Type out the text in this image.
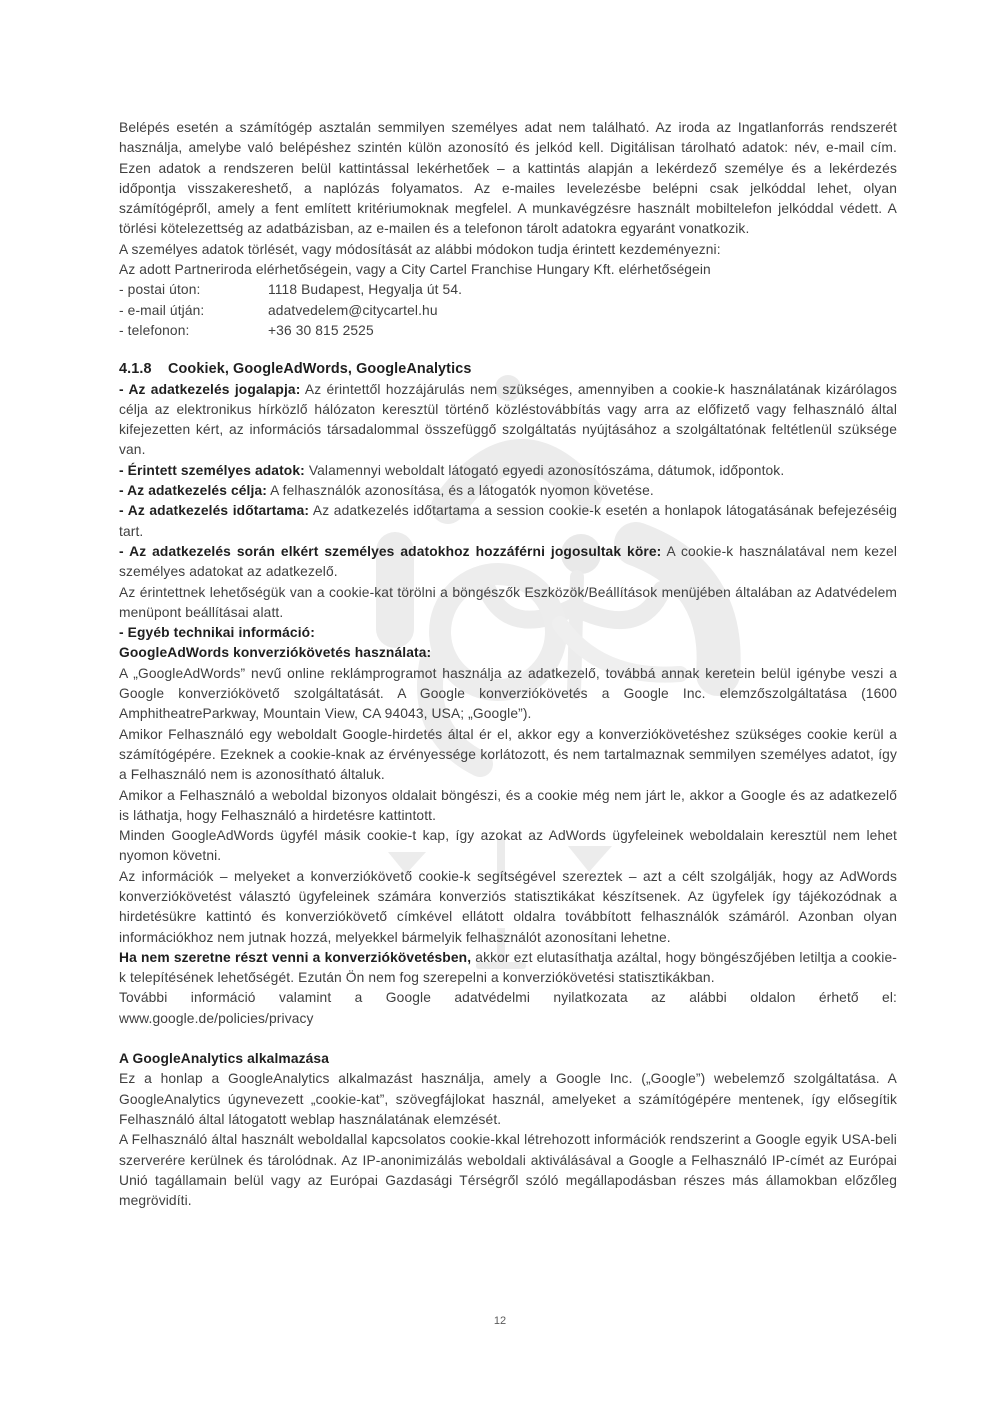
Belépés esetén a számítógép asztalán semmilyen személyes adat nem található. Az iroda az Ingatlanforrás rendszerét használja, amelybe való belépéshez szintén külön azonosító és jelkód kell. Digitálisan tárolható adatok: név, e-mail cím. Ezen adatok a rendszeren belül kattintással lekérhetőek – a kattintás alapján a lekérdező személye és a lekérdezés időpontja visszakereshető, a naplózás folyamatos. Az e-mailes levelezésbe belépni csak jelkóddal lehet, olyan számítógépről, amely a fent említett kritériumoknak megfelel. A munkavégzésre használt mobiltelefon jelkóddal védett. A törlési kötelezettség az adatbázisban, az e-mailen és a telefonon tárolt adatokra egyaránt vonatkozik.

A személyes adatok törlését, vagy módosítását az alábbi módokon tudja érintett kezdeményezni:

Az adott Partneriroda elérhetőségein, vagy a City Cartel Franchise Hungary Kft. elérhetőségein

- postai úton:	1118 Budapest, Hegyalja út 54.
- e-mail útján:	adatvedelem@citycartel.hu
- telefonon:	+36 30 815 2525

4.1.8 Cookiek, GoogleAdWords, GoogleAnalytics

- Az adatkezelés jogalapja: Az érintettől hozzájárulás nem szükséges, amennyiben a cookie-k használatának kizárólagos célja az elektronikus hírközlő hálózaton keresztül történő közléstovábbítás vagy arra az előfizető vagy felhasználó által kifejezetten kért, az információs társadalommal összefüggő szolgáltatás nyújtásához a szolgáltatónak feltétlenül szüksége van.

- Érintett személyes adatok: Valamennyi weboldalt látogató egyedi azonosítószáma, dátumok, időpontok.

- Az adatkezelés célja: A felhasználók azonosítása, és a látogatók nyomon követése.

- Az adatkezelés időtartama: Az adatkezelés időtartama a session cookie-k esetén a honlapok látogatásának befejezéséig tart.

- Az adatkezelés során elkért személyes adatokhoz hozzáférni jogosultak köre: A cookie-k használatával nem kezel személyes adatokat az adatkezelő.

Az érintettnek lehetőségük van a cookie-kat törölni a böngészők Eszközök/Beállítások menüjében általában az Adatvédelem menüpont beállításai alatt.

- Egyéb technikai információ:

GoogleAdWords konverziókövetés használata:

A „GoogleAdWords” nevű online reklámprogramot használja az adatkezelő, továbbá annak keretein belül igénybe veszi a Google konverziókövető szolgáltatását. A Google konverziókövetés a Google Inc. elemzőszolgáltatása (1600 AmphitheatreParkway, Mountain View, CA 94043, USA; „Google”).

Amikor Felhasználó egy weboldalt Google-hirdetés által ér el, akkor egy a konverziókövetéshez szükséges cookie kerül a számítógépére. Ezeknek a cookie-knak az érvényessége korlátozott, és nem tartalmaznak semmilyen személyes adatot, így a Felhasználó nem is azonosítható általuk.

Amikor a Felhasználó a weboldal bizonyos oldalait böngészi, és a cookie még nem járt le, akkor a Google és az adatkezelő is láthatja, hogy Felhasználó a hirdetésre kattintott.

Minden GoogleAdWords ügyfél másik cookie-t kap, így azokat az AdWords ügyfeleinek weboldalain keresztül nem lehet nyomon követni.

Az információk – melyeket a konverziókövető cookie-k segítségével szereztek – azt a célt szolgálják, hogy az AdWords konverziókövetést választó ügyfeleinek számára konverziós statisztikákat készítsenek. Az ügyfelek így tájékozódnak a hirdetésükre kattintó és konverziókövető címkével ellátott oldalra továbbított felhasználók számáról. Azonban olyan információkhoz nem jutnak hozzá, melyekkel bármelyik felhasználót azonosítani lehetne.

Ha nem szeretne részt venni a konverziókövetésben, akkor ezt elutasíthatja azáltal, hogy böngészőjében letiltja a cookie-k telepítésének lehetőségét. Ezután Ön nem fog szerepelni a konverziókövetési statisztikákban.

További információ valamint a Google adatvédelmi nyilatkozata az alábbi oldalon érhető el:

www.google.de/policies/privacy

A GoogleAnalytics alkalmazása

Ez a honlap a GoogleAnalytics alkalmazást használja, amely a Google Inc. („Google”) webelemző szolgáltatása. A GoogleAnalytics úgynevezett „cookie-kat”, szövegfájlokat használ, amelyeket a számítógépére mentenek, így elősegítik Felhasználó által látogatott weblap használatának elemzését.

A Felhasználó által használt weboldallal kapcsolatos cookie-kkal létrehozott információk rendszerint a Google egyik USA-beli szerverére kerülnek és tárolódnak. Az IP-anonimizálás weboldali aktiválásával a Google a Felhasználó IP-címét az Európai Unió tagállamain belül vagy az Európai Gazdasági Térségről szóló megállapodásban részes más államokban előzőleg megrövidíti.

12
